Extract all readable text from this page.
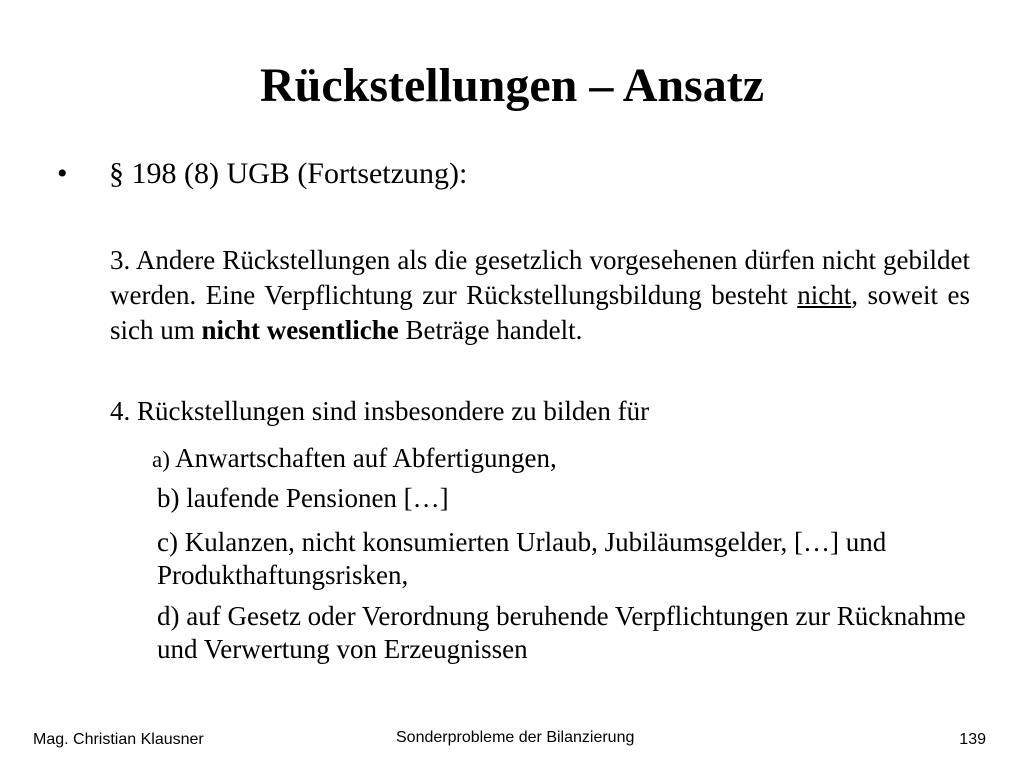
Rückstellungen – Ansatz
• § 198 (8) UGB (Fortsetzung):
3. Andere Rückstellungen als die gesetzlich vorgesehenen dürfen nicht gebildet werden. Eine Verpflichtung zur Rückstellungsbildung besteht nicht, soweit es sich um nicht wesentliche Beträge handelt.
4. Rückstellungen sind insbesondere zu bilden für
a) Anwartschaften auf Abfertigungen,
b) laufende Pensionen […]
c) Kulanzen, nicht konsumierten Urlaub, Jubiläumsgelder, […] und Produkthaftungsrisken,
d) auf Gesetz oder Verordnung beruhende Verpflichtungen zur Rücknahme und Verwertung von Erzeugnissen
Mag. Christian Klausner	Sonderprobleme der Bilanzierung	139
